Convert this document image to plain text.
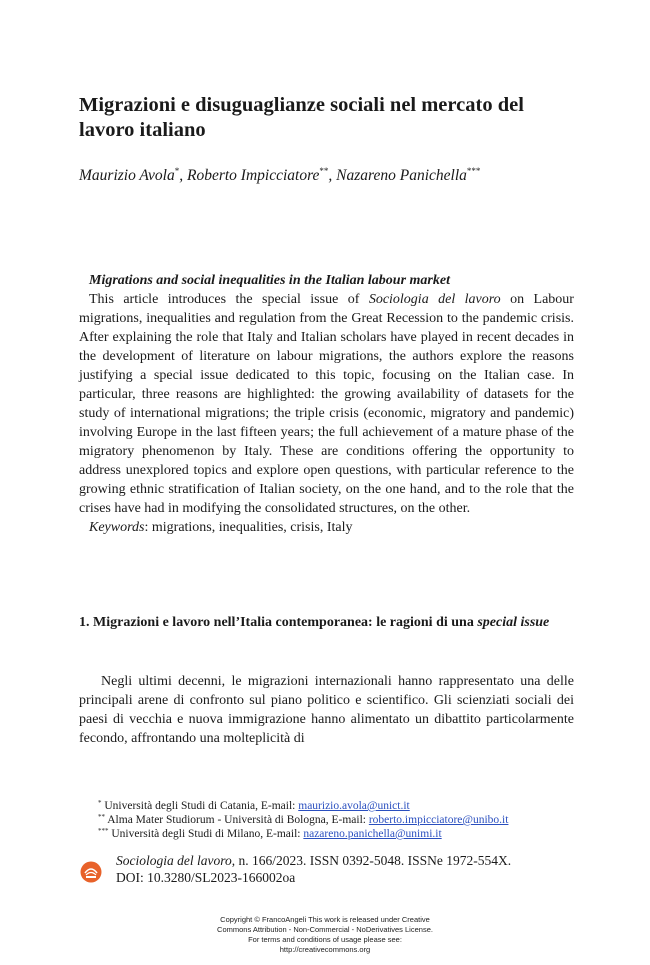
Migrazioni e disuguaglianze sociali nel mercato del lavoro italiano
Maurizio Avola*, Roberto Impicciatore**, Nazareno Panichella***
Migrations and social inequalities in the Italian labour market

This article introduces the special issue of Sociologia del lavoro on Labour migrations, inequalities and regulation from the Great Recession to the pandemic crisis. After explaining the role that Italy and Italian scholars have played in recent decades in the development of literature on labour migrations, the authors explore the reasons justifying a special issue dedicated to this topic, focusing on the Italian case. In particular, three reasons are highlighted: the growing availability of datasets for the study of international migrations; the triple crisis (economic, migratory and pandemic) involving Europe in the last fifteen years; the full achievement of a mature phase of the migratory phenomenon by Italy. These are conditions offering the opportunity to address unexplored topics and explore open questions, with particular reference to the growing ethnic stratification of Italian society, on the one hand, and to the role that the crises have had in modifying the consolidated structures, on the other.

Keywords: migrations, inequalities, crisis, Italy
1. Migrazioni e lavoro nell’Italia contemporanea: le ragioni di una special issue

Negli ultimi decenni, le migrazioni internazionali hanno rappresentato una delle principali arene di confronto sul piano politico e scientifico. Gli scienziati sociali dei paesi di vecchia e nuova immigrazione hanno alimentato un dibattito particolarmente fecondo, affrontando una molteplicità di

* Università degli Studi di Catania, E-mail: maurizio.avola@unict.it
** Alma Mater Studiorum - Università di Bologna, E-mail: roberto.impicciatore@unibo.it
*** Università degli Studi di Milano, E-mail: nazareno.panichella@unimi.it
Sociologia del lavoro, n. 166/2023. ISSN 0392-5048. ISSNe 1972-554X.
DOI: 10.3280/SL2023-166002oa
Copyright © FrancoAngeli This work is released under Creative
Commons Attribution - Non-Commercial - NoDerivatives License.
For terms and conditions of usage please see:
http://creativecommons.org
